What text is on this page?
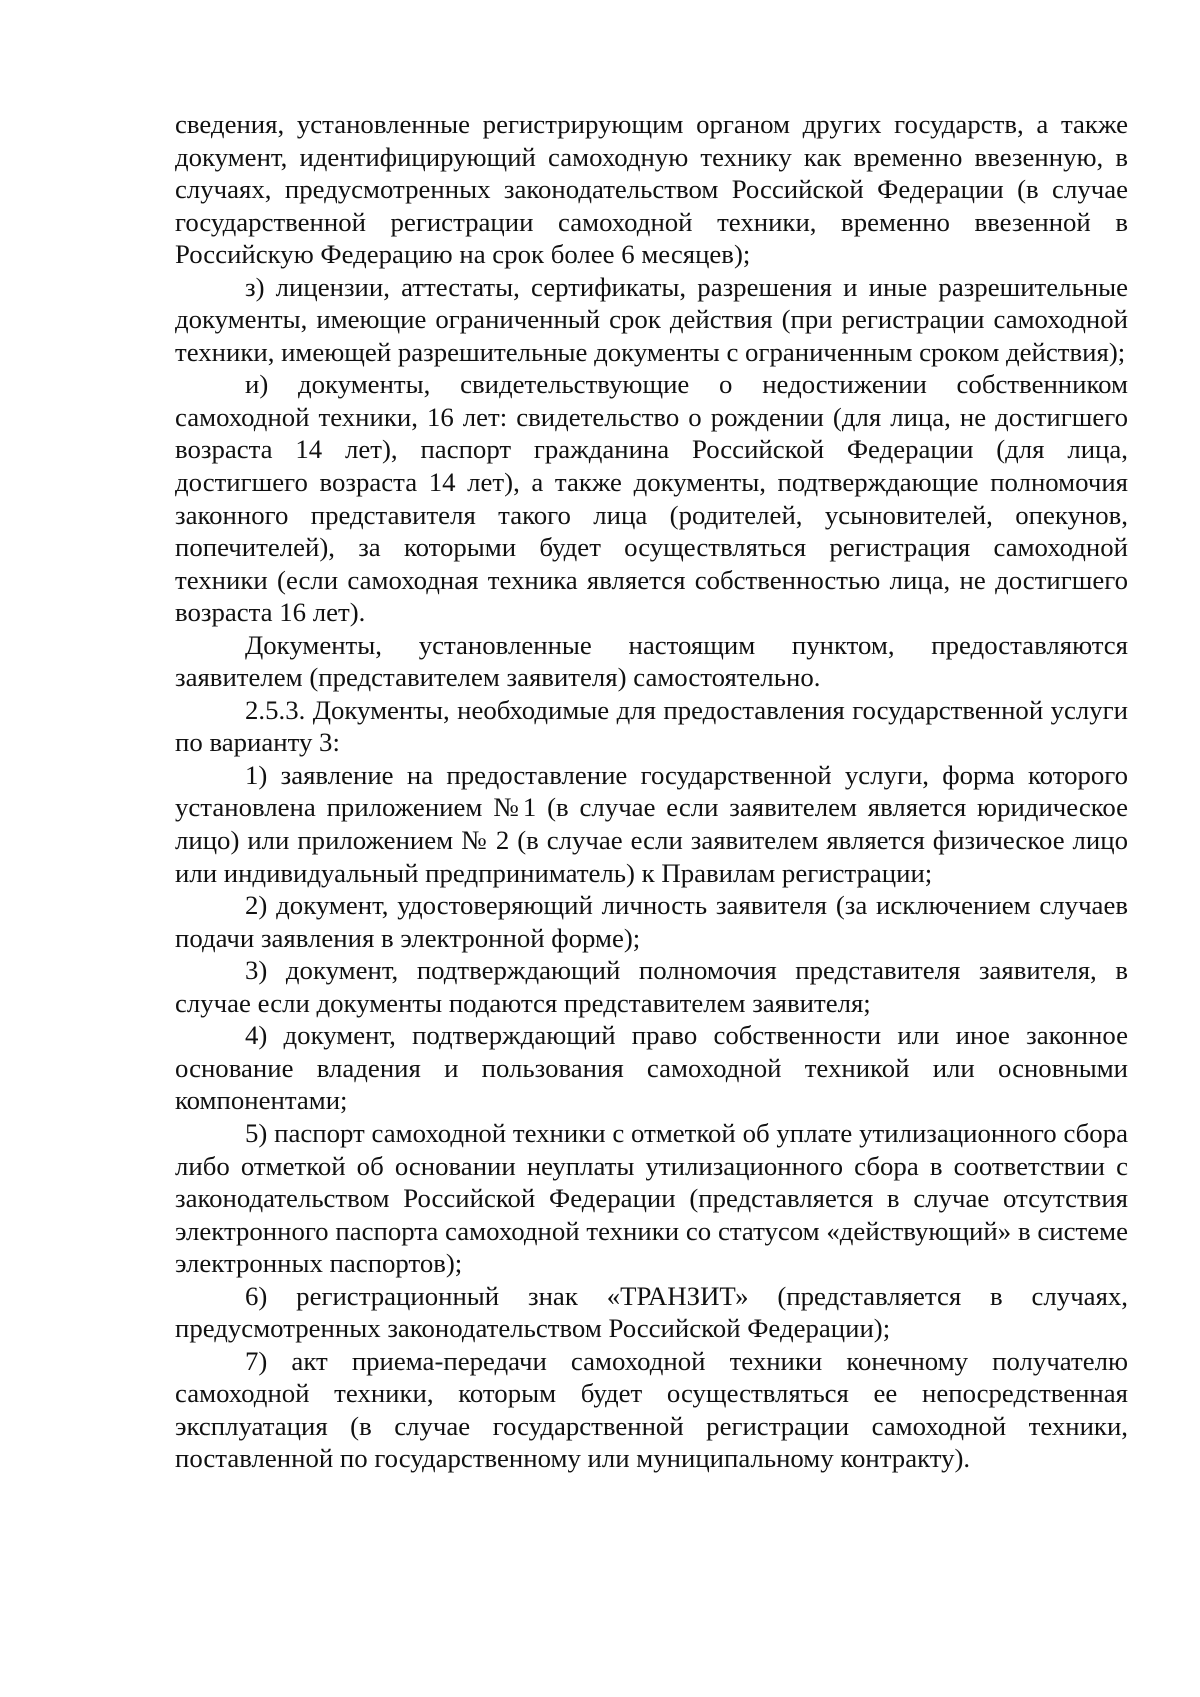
сведения, установленные регистрирующим органом других государств, а также документ, идентифицирующий самоходную технику как временно ввезенную, в случаях, предусмотренных законодательством Российской Федерации (в случае государственной регистрации самоходной техники, временно ввезенной в Российскую Федерацию на срок более 6 месяцев);

з) лицензии, аттестаты, сертификаты, разрешения и иные разрешительные документы, имеющие ограниченный срок действия (при регистрации самоходной техники, имеющей разрешительные документы с ограниченным сроком действия);

и) документы, свидетельствующие о недостижении собственником самоходной техники, 16 лет: свидетельство о рождении (для лица, не достигшего возраста 14 лет), паспорт гражданина Российской Федерации (для лица, достигшего возраста 14 лет), а также документы, подтверждающие полномочия законного представителя такого лица (родителей, усыновителей, опекунов, попечителей), за которыми будет осуществляться регистрация самоходной техники (если самоходная техника является собственностью лица, не достигшего возраста 16 лет).

Документы, установленные настоящим пунктом, предоставляются заявителем (представителем заявителя) самостоятельно.

2.5.3. Документы, необходимые для предоставления государственной услуги по варианту 3:

1) заявление на предоставление государственной услуги, форма которого установлена приложением №1 (в случае если заявителем является юридическое лицо) или приложением № 2 (в случае если заявителем является физическое лицо или индивидуальный предприниматель) к Правилам регистрации;

2) документ, удостоверяющий личность заявителя (за исключением случаев подачи заявления в электронной форме);

3) документ, подтверждающий полномочия представителя заявителя, в случае если документы подаются представителем заявителя;

4) документ, подтверждающий право собственности или иное законное основание владения и пользования самоходной техникой или основными компонентами;

5) паспорт самоходной техники с отметкой об уплате утилизационного сбора либо отметкой об основании неуплаты утилизационного сбора в соответствии с законодательством Российской Федерации (представляется в случае отсутствия электронного паспорта самоходной техники со статусом «действующий» в системе электронных паспортов);

6) регистрационный знак «ТРАНЗИТ» (представляется в случаях, предусмотренных законодательством Российской Федерации);

7) акт приема-передачи самоходной техники конечному получателю самоходной техники, которым будет осуществляться ее непосредственная эксплуатация (в случае государственной регистрации самоходной техники, поставленной по государственному или муниципальному контракту).
